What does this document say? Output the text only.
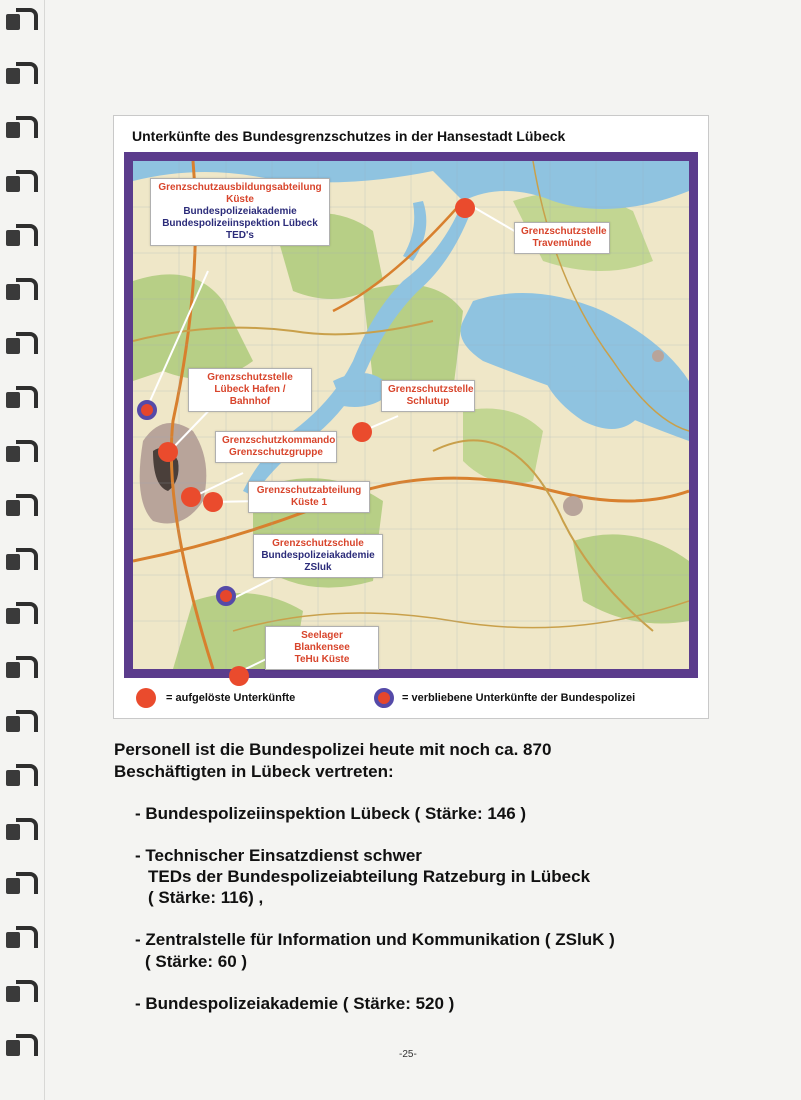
Unterkünfte des Bundesgrenzschutzes in der Hansestadt Lübeck
Grenzschutzausbildungsabteilung
Küste
Bundespolizeiakademie
Bundespolizeiinspektion Lübeck
TED's	Grenzschutzstelle
Travemünde
Grenzschutzstelle
Lübeck Hafen / Bahnhof
Grenzschutzstelle
Schlutup
Grenzschutzkommando
Grenzschutzgruppe
Grenzschutzabteilung
Küste 1
Grenzschutzschule
Bundespolizeiakademie
ZSluk
Seelager Blankensee
TeHu Küste
= aufgelöste Unterkünfte	= verbliebene Unterkünfte der Bundespolizei
Personell ist die Bundespolizei heute mit noch ca. 870
Beschäftigten in Lübeck vertreten:
- Bundespolizeiinspektion Lübeck ( Stärke: 146 )
- Technischer Einsatzdienst schwer
TEDs der Bundespolizeiabteilung Ratzeburg in Lübeck
( Stärke: 116) ,
- Zentralstelle für Information und Kommunikation ( ZSluK )
( Stärke: 60 )
- Bundespolizeiakademie ( Stärke: 520 )
-25-
